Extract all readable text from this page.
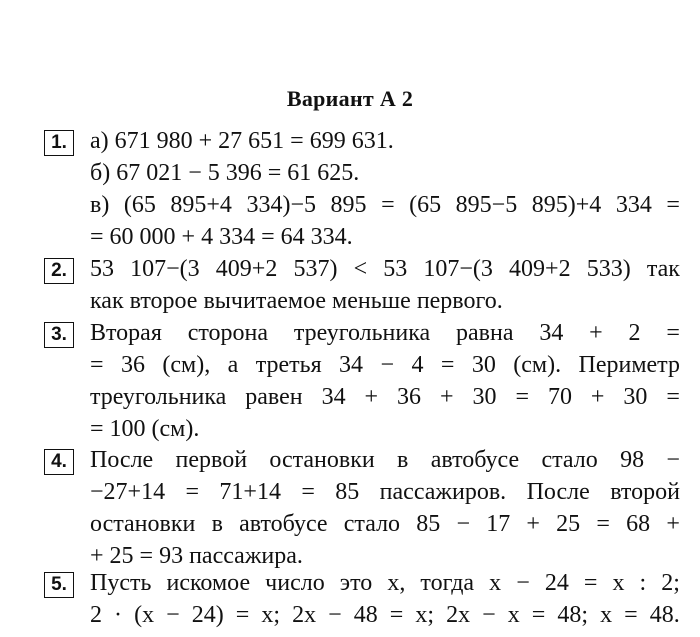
Вариант А 2
1. а) 671 980 + 27 651 = 699 631.
б) 67 021 − 5 396 = 61 625.
в) (65 895+4 334)−5 895 = (65 895−5 895)+4 334 =
= 60 000 + 4 334 = 64 334.
2. 53 107−(3 409+2 537) < 53 107−(3 409+2 533) так
как второе вычитаемое меньше первого.
3. Вторая сторона треугольника равна 34 + 2 =
= 36 (см), а третья 34 − 4 = 30 (см). Периметр
треугольника равен 34 + 36 + 30 = 70 + 30 =
= 100 (см).
4. После первой остановки в автобусе стало 98 −
−27+14 = 71+14 = 85 пассажиров. После второй
остановки в автобусе стало 85 − 17 + 25 = 68 +
+ 25 = 93 пассажира.
5. Пусть искомое число это x, тогда x − 24 = x : 2;
2 · (x − 24) = x; 2x − 48 = x; 2x − x = 48; x = 48.
